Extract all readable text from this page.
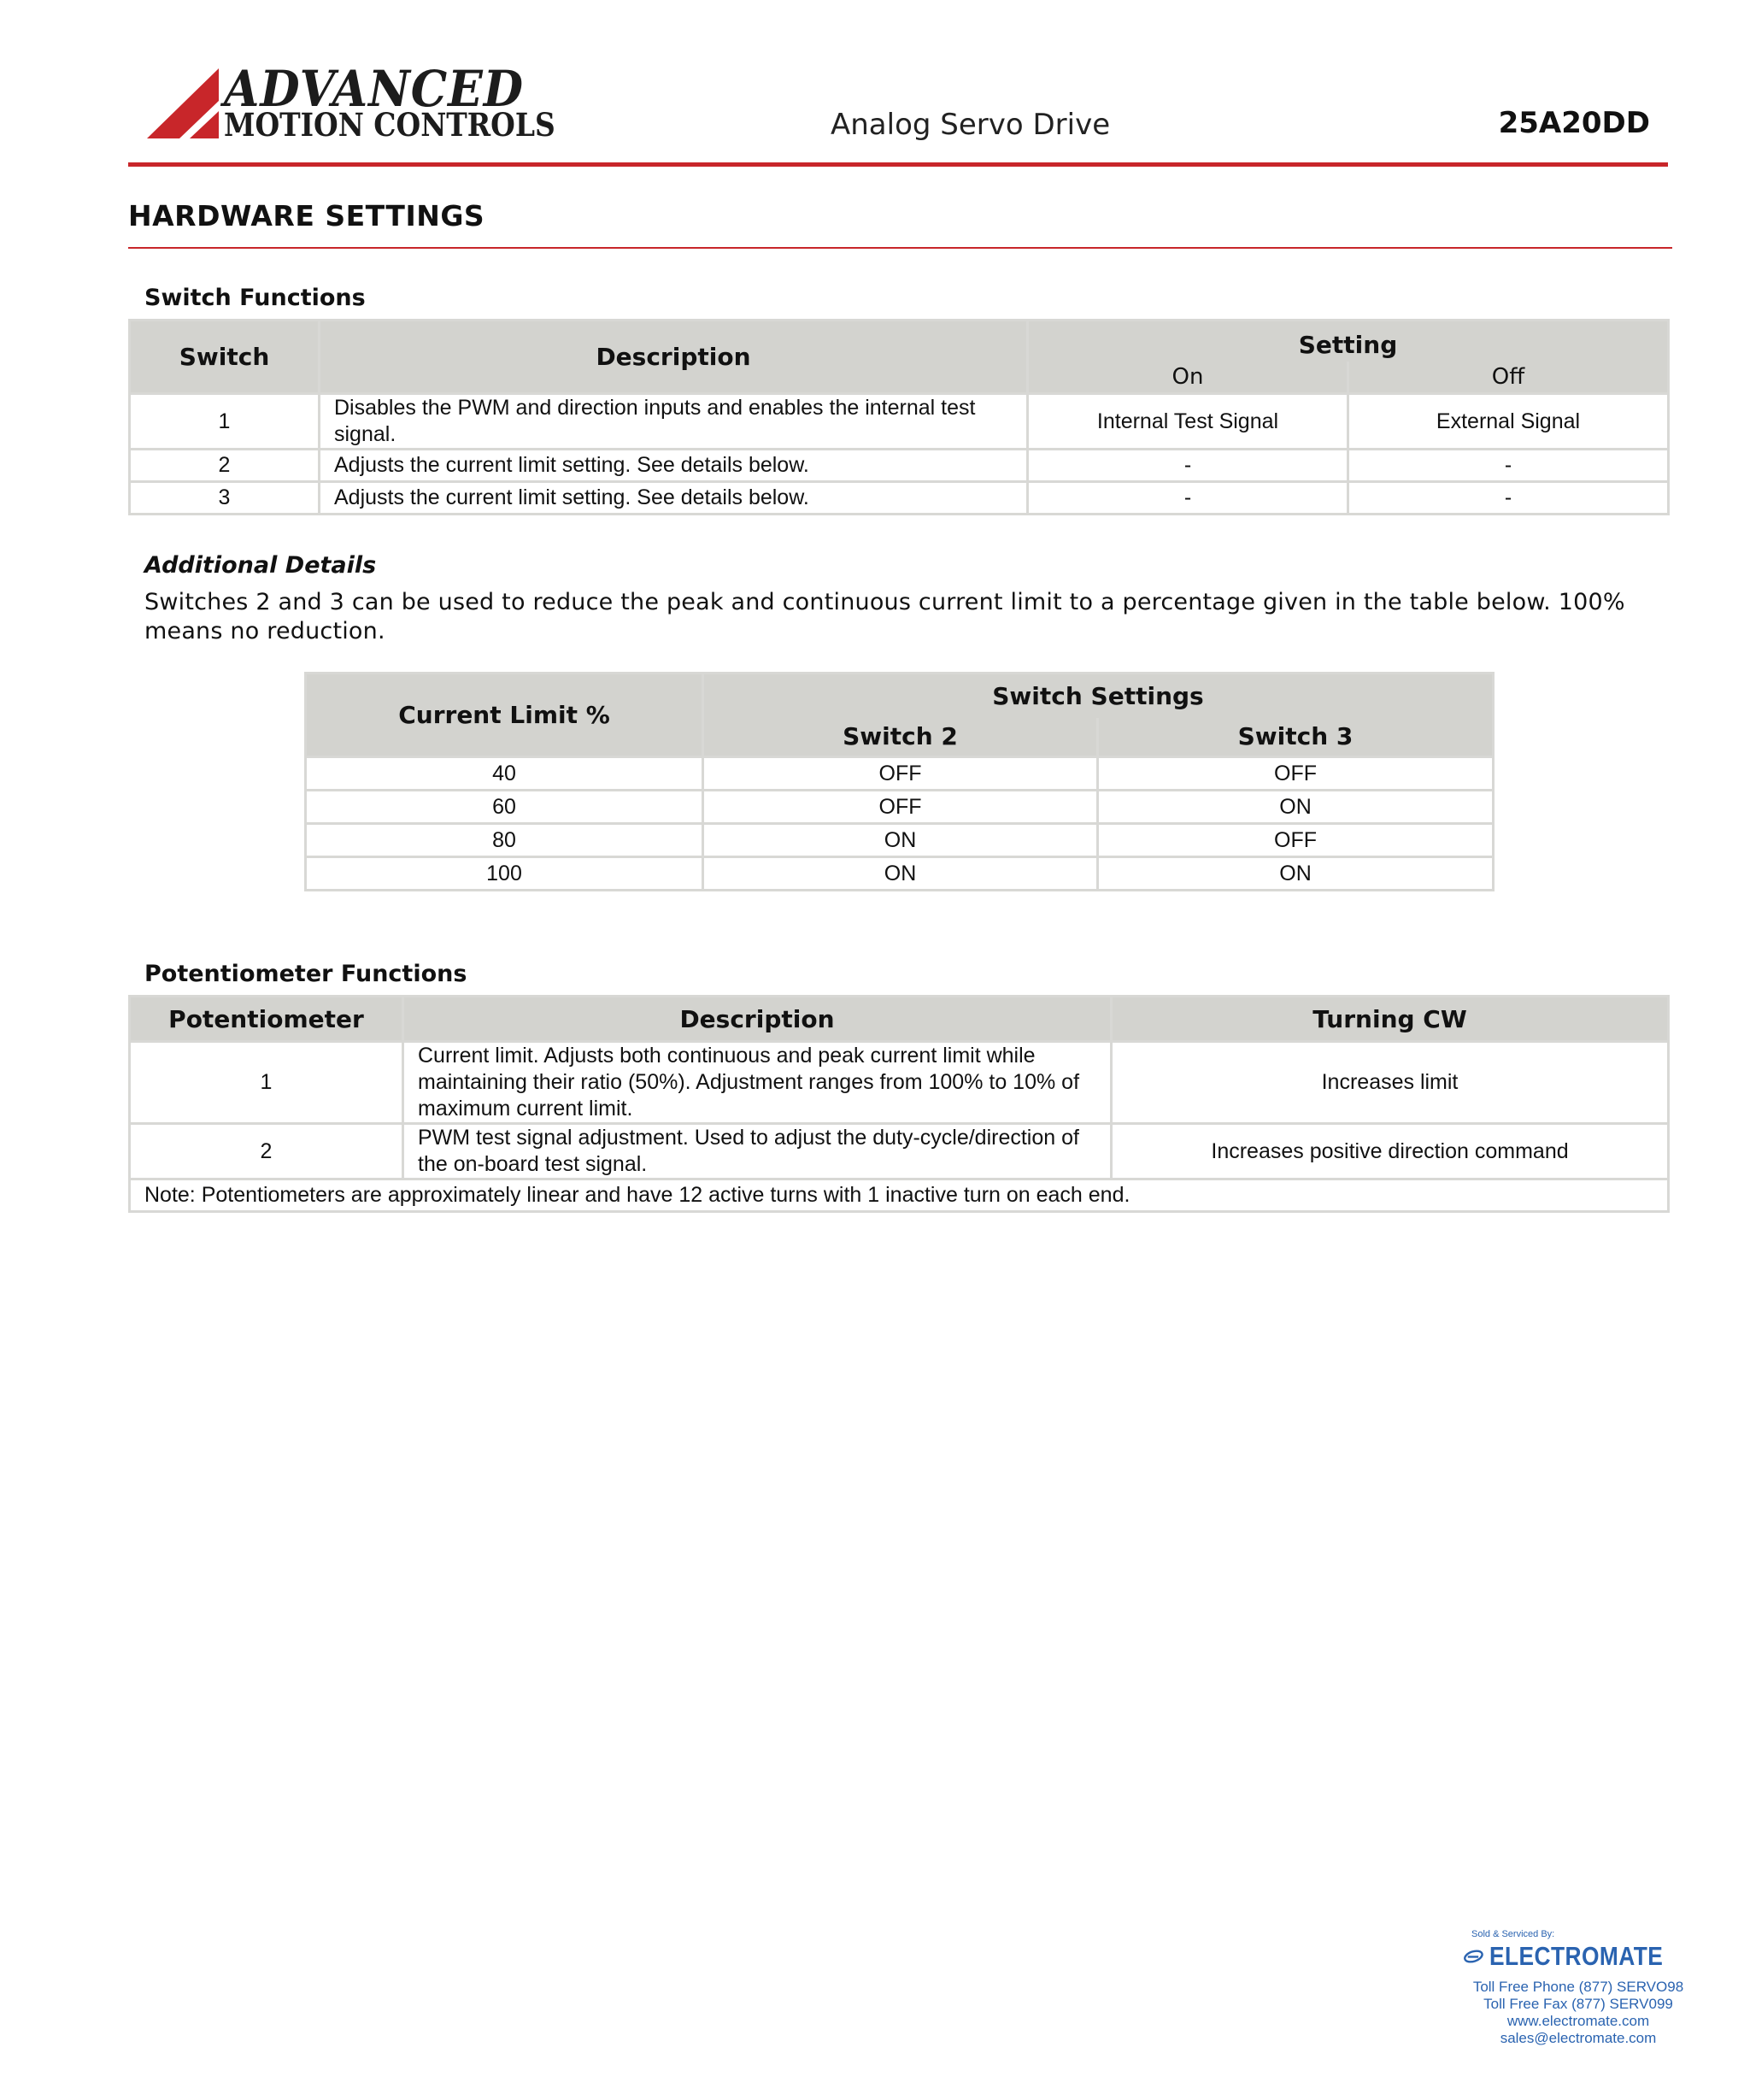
ADVANCED
MOTION CONTROLS	Analog Servo Drive	25A20DD
HARDWARE SETTINGS
Switch Functions
Switch	Description	Setting	
		On	Off
1	Disables the PWM and direction inputs and enables the internal test signal.	Internal Test Signal	External Signal
2	Adjusts the current limit setting. See details below.	-	-
3	Adjusts the current limit setting. See details below.	-	-
Additional Details
Switches 2 and 3 can be used to reduce the peak and continuous current limit to a percentage given in the table below. 100% means no reduction.
Current Limit %	Switch Settings	
	Switch 2	Switch 3
40	OFF	OFF
60	OFF	ON
80	ON	OFF
100	ON	ON
Potentiometer Functions
Potentiometer	Description	Turning CW
1	Current limit. Adjusts both continuous and peak current limit while maintaining their ratio (50%). Adjustment ranges from 100% to 10% of maximum current limit.	Increases limit
2	PWM test signal adjustment. Used to adjust the duty-cycle/direction of the on-board test signal.	Increases positive direction command
Note: Potentiometers are approximately linear and have 12 active turns with 1 inactive turn on each end.		
Sold & Serviced By:
ELECTROMATE
Toll Free Phone (877) SERVO98
Toll Free Fax (877) SERV099
www.electromate.com
sales@electromate.com
